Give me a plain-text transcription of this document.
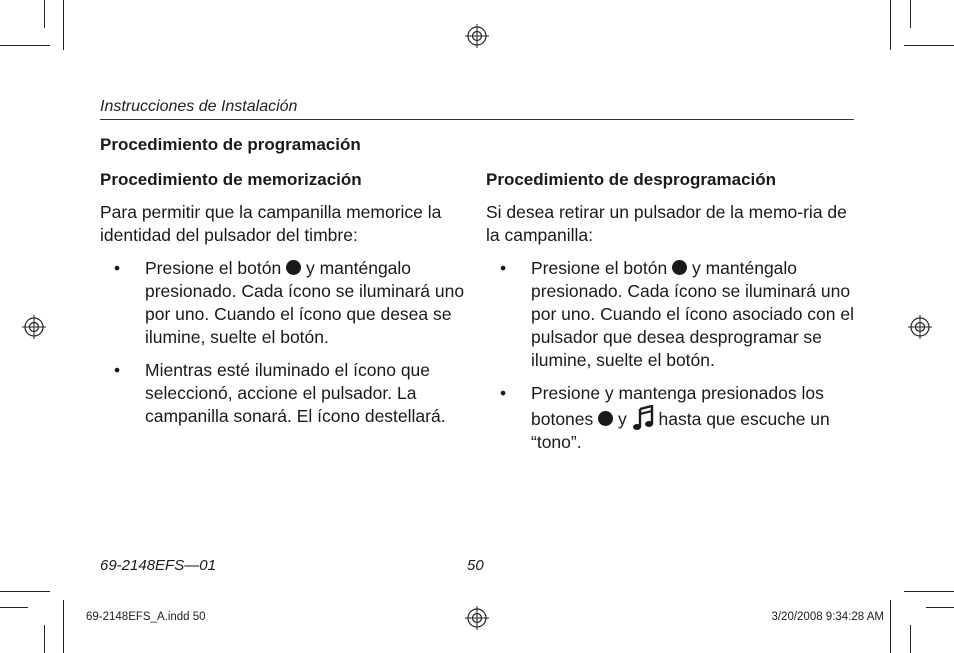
Instrucciones de Instalación
Procedimiento de programación
Procedimiento de memorización

Para permitir que la campanilla memorice la identidad del pulsador del timbre:

• Presione el botón y manténgalo presionado. Cada ícono se iluminará uno por uno. Cuando el ícono que desea se ilumine, suelte el botón.
• Mientras esté iluminado el ícono que seleccionó, accione el pulsador. La campanilla sonará. El ícono destellará.
Procedimiento de desprogramación

Si desea retirar un pulsador de la memo-ria de la campanilla:

• Presione el botón y manténgalo presionado. Cada ícono se iluminará uno por uno. Cuando el ícono asociado con el pulsador que desea desprogramar se ilumine, suelte el botón.
• Presione y mantenga presionados los botones y hasta que escuche un “tono”.
69-2148EFS—01	50
69-2148EFS_A.indd 50	3/20/2008 9:34:28 AM
